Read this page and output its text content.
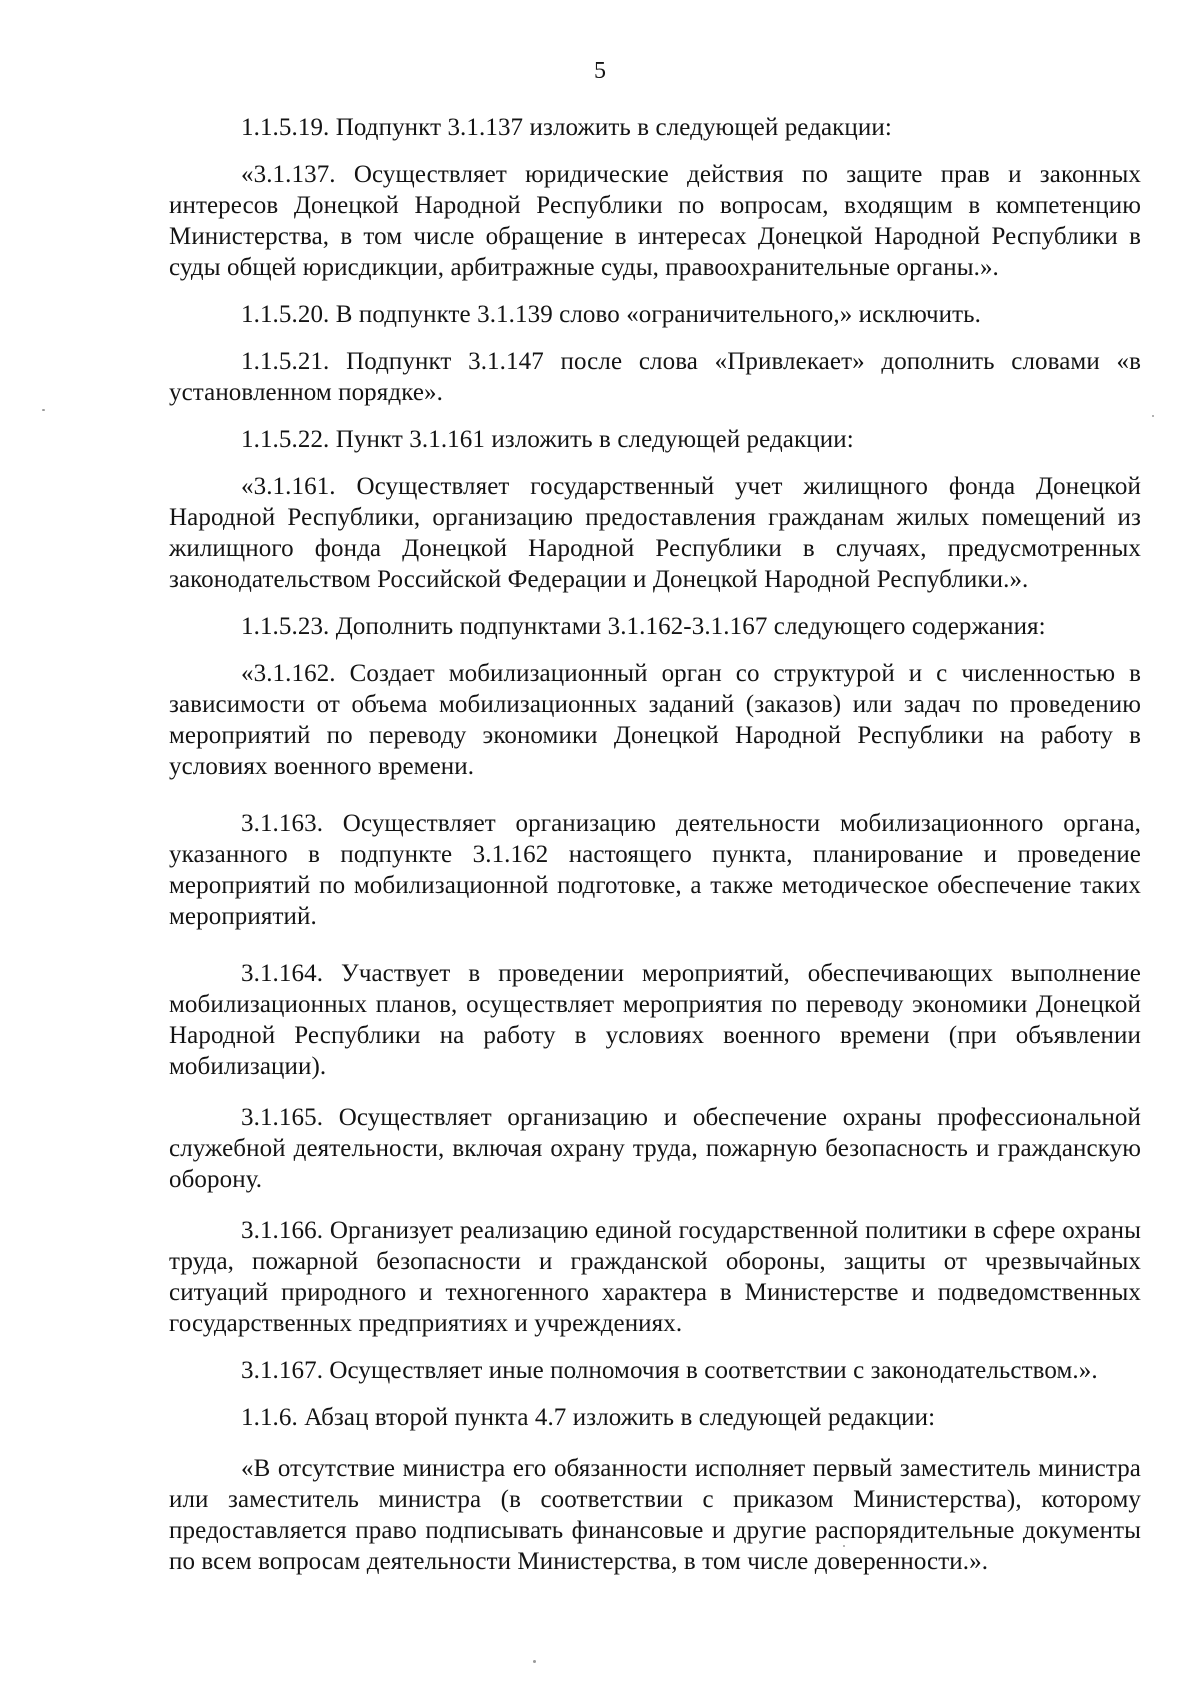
5

1.1.5.19. Подпункт 3.1.137 изложить в следующей редакции:

«3.1.137. Осуществляет юридические действия по защите прав и законных интересов Донецкой Народной Республики по вопросам, входящим в компетенцию Министерства, в том числе обращение в интересах Донецкой Народной Республики в суды общей юрисдикции, арбитражные суды, правоохранительные органы.».

1.1.5.20. В подпункте 3.1.139 слово «ограничительного,» исключить.

1.1.5.21. Подпункт 3.1.147 после слова «Привлекает» дополнить словами «в установленном порядке».

1.1.5.22. Пункт 3.1.161 изложить в следующей редакции:

«3.1.161. Осуществляет государственный учет жилищного фонда Донецкой Народной Республики, организацию предоставления гражданам жилых помещений из жилищного фонда Донецкой Народной Республики в случаях, предусмотренных законодательством Российской Федерации и Донецкой Народной Республики.».

1.1.5.23. Дополнить подпунктами 3.1.162-3.1.167 следующего содержания:

«3.1.162. Создает мобилизационный орган со структурой и с численностью в зависимости от объема мобилизационных заданий (заказов) или задач по проведению мероприятий по переводу экономики Донецкой Народной Республики на работу в условиях военного времени.

3.1.163. Осуществляет организацию деятельности мобилизационного органа, указанного в подпункте 3.1.162 настоящего пункта, планирование и проведение мероприятий по мобилизационной подготовке, а также методическое обеспечение таких мероприятий.

3.1.164. Участвует в проведении мероприятий, обеспечивающих выполнение мобилизационных планов, осуществляет мероприятия по переводу экономики Донецкой Народной Республики на работу в условиях военного времени (при объявлении мобилизации).

3.1.165. Осуществляет организацию и обеспечение охраны профессиональной служебной деятельности, включая охрану труда, пожарную безопасность и гражданскую оборону.

3.1.166. Организует реализацию единой государственной политики в сфере охраны труда, пожарной безопасности и гражданской обороны, защиты от чрезвычайных ситуаций природного и техногенного характера в Министерстве и подведомственных государственных предприятиях и учреждениях.

3.1.167. Осуществляет иные полномочия в соответствии с законодательством.».

1.1.6. Абзац второй пункта 4.7 изложить в следующей редакции:

«В отсутствие министра его обязанности исполняет первый заместитель министра или заместитель министра (в соответствии с приказом Министерства), которому предоставляется право подписывать финансовые и другие распорядительные документы по всем вопросам деятельности Министерства, в том числе доверенности.».
